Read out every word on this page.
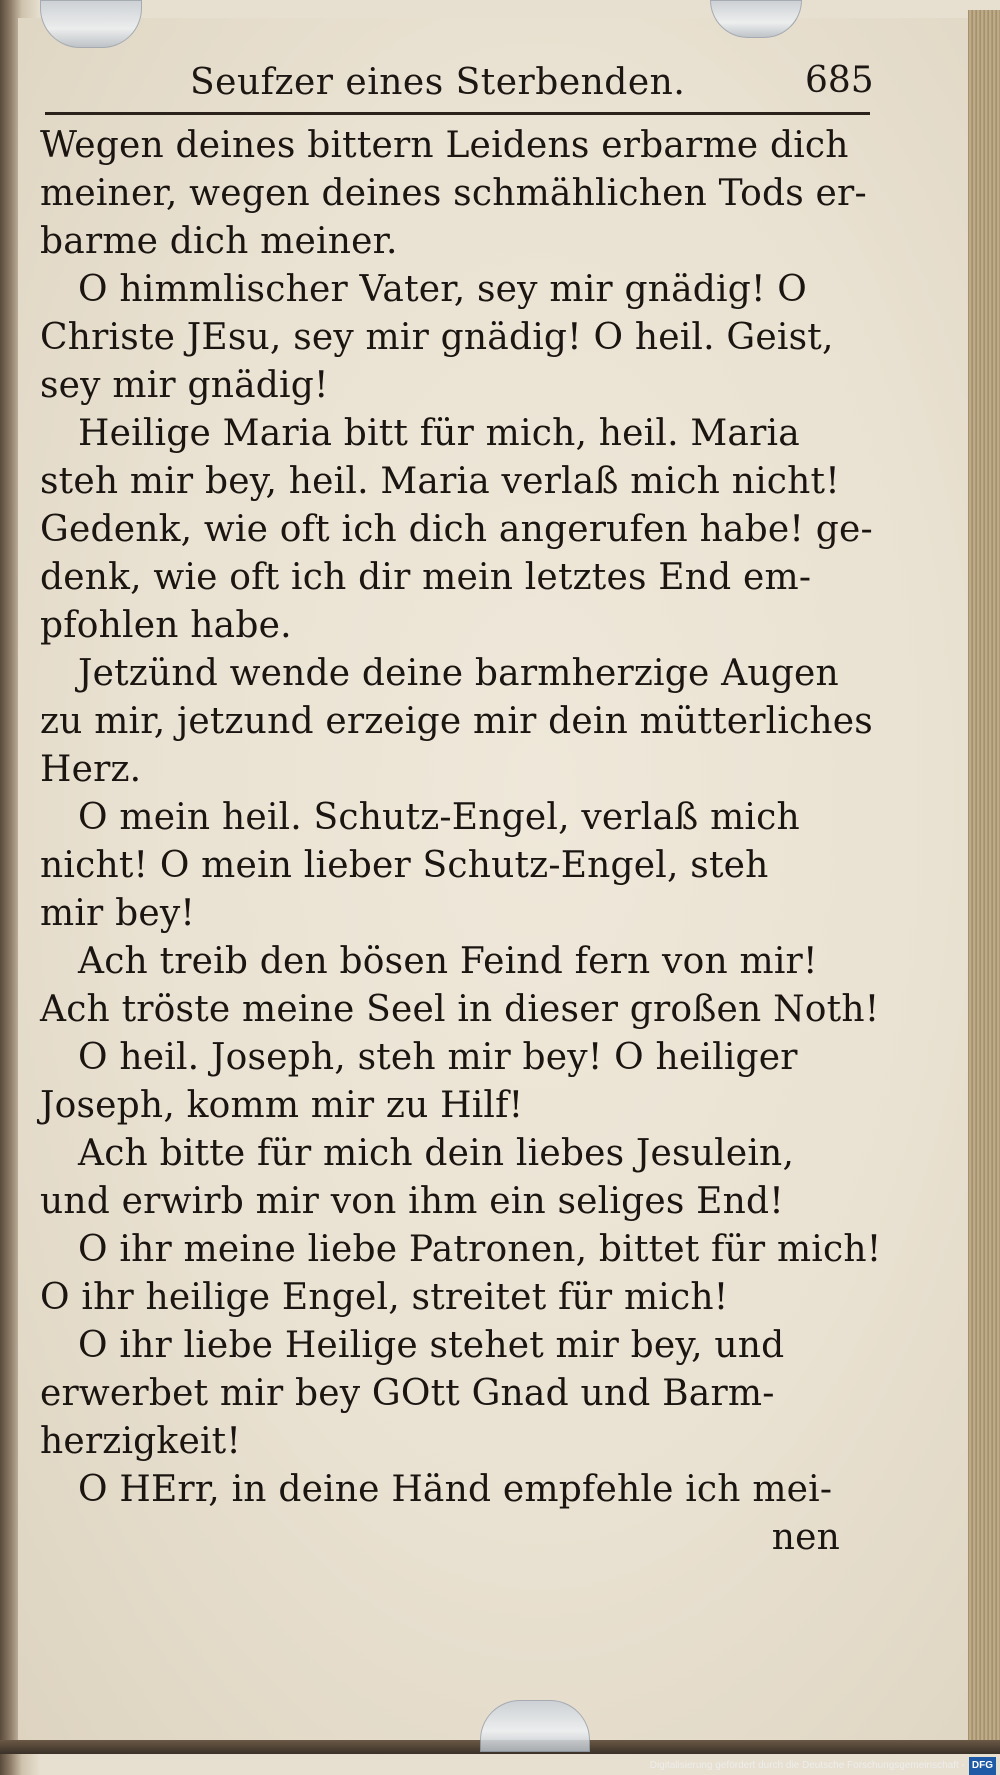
Seufzer eines Sterbenden.	685
Wegen deines bittern Leidens erbarme dich
meiner, wegen deines schmählichen Tods er-
barme dich meiner.
O himmlischer Vater, sey mir gnädig! O
Christe JEsu, sey mir gnädig! O heil. Geist,
sey mir gnädig!
Heilige Maria bitt für mich, heil. Maria
steh mir bey, heil. Maria verlaß mich nicht!
Gedenk, wie oft ich dich angerufen habe! ge-
denk, wie oft ich dir mein letztes End em-
pfohlen habe.
Jetzünd wende deine barmherzige Augen
zu mir, jetzund erzeige mir dein mütterliches
Herz.
O mein heil. Schutz-Engel, verlaß mich
nicht! O mein lieber Schutz-Engel, steh
mir bey!
Ach treib den bösen Feind fern von mir!
Ach tröste meine Seel in dieser großen Noth!
O heil. Joseph, steh mir bey! O heiliger
Joseph, komm mir zu Hilf!
Ach bitte für mich dein liebes Jesulein,
und erwirb mir von ihm ein seliges End!
O ihr meine liebe Patronen, bittet für mich!
O ihr heilige Engel, streitet für mich!
O ihr liebe Heilige stehet mir bey, und
erwerbet mir bey GOtt Gnad und Barm-
herzigkeit!
O HErr, in deine Händ empfehle ich mei-
nen
Digitalisierung gefördert durch die Deutsche Forschungsgemeinschaft - DFG
